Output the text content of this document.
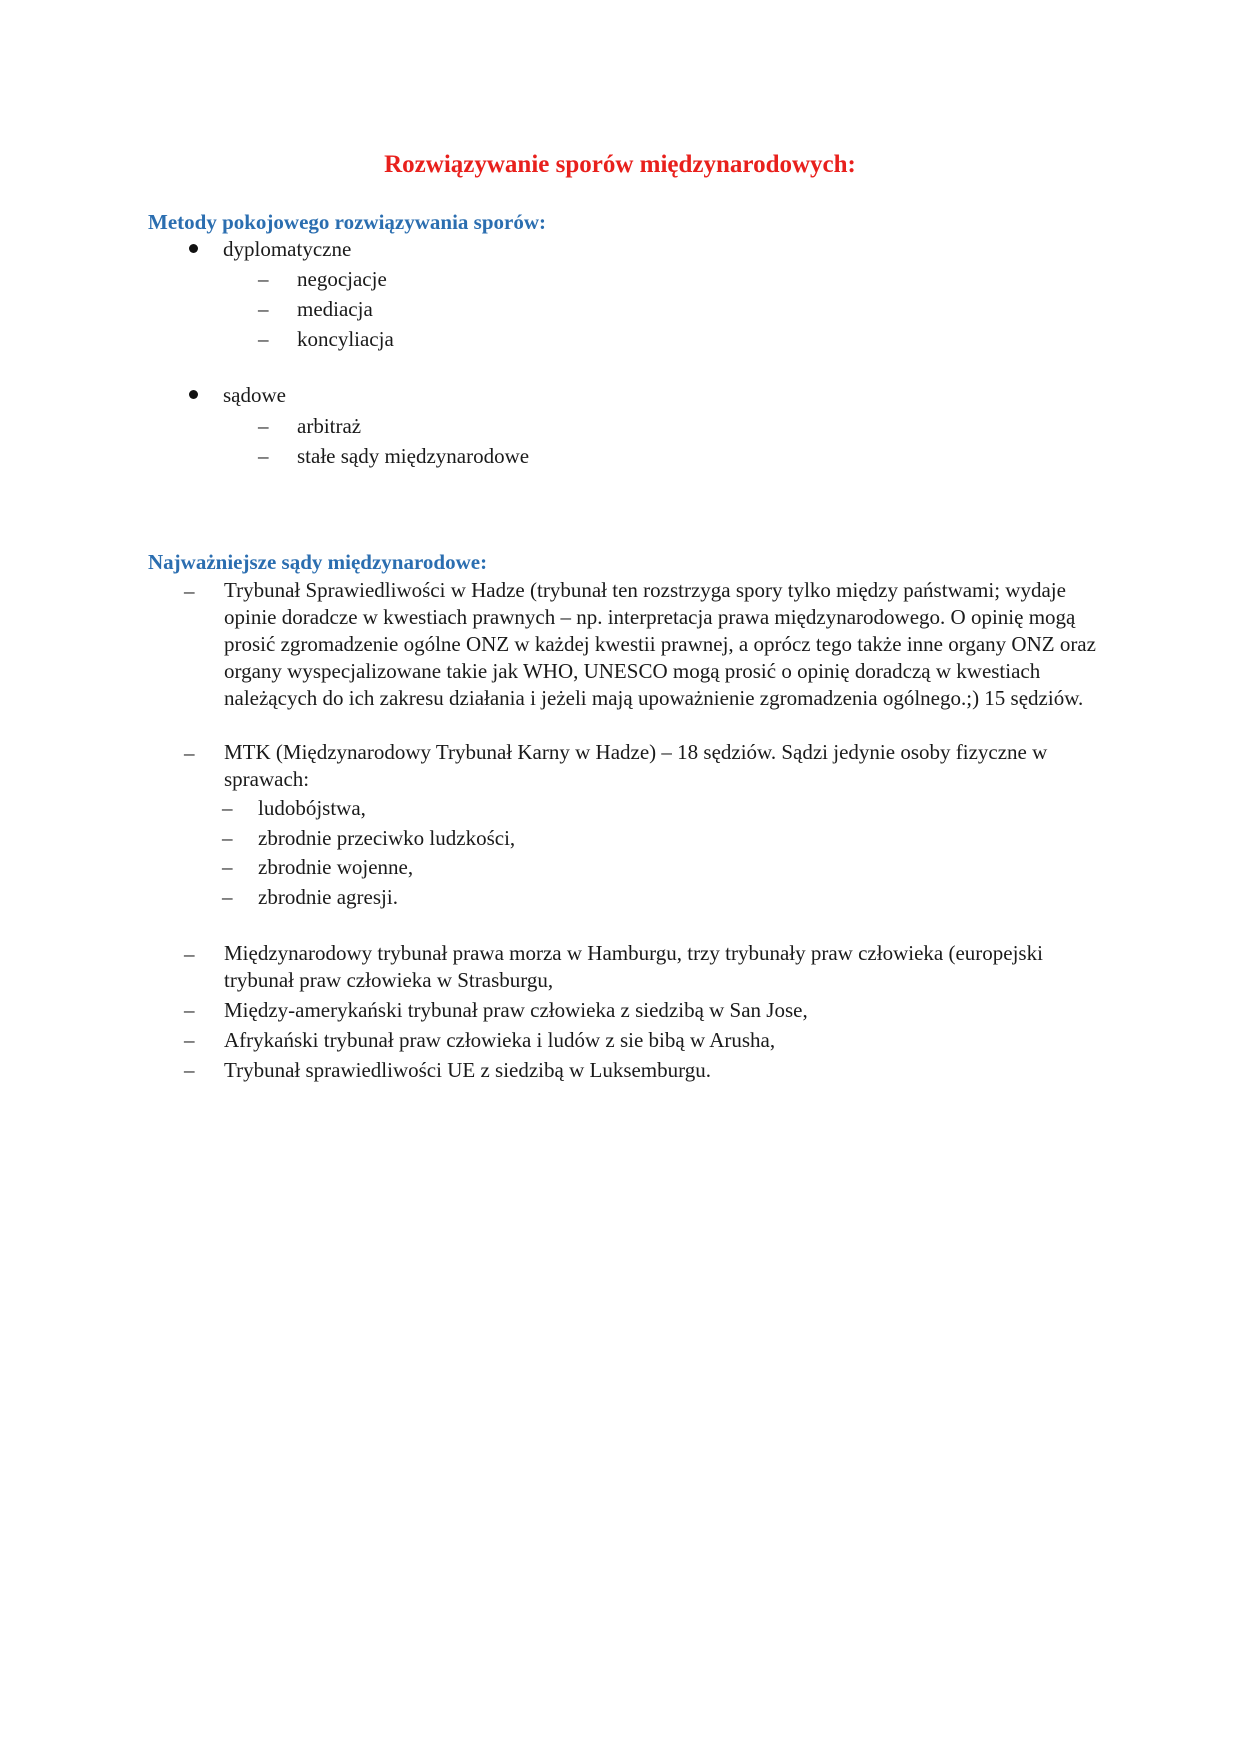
Rozwiązywanie sporów międzynarodowych:
Metody pokojowego rozwiązywania sporów:
dyplomatyczne
– negocjacje
– mediacja
– koncyliacja
sądowe
– arbitraż
– stałe sądy międzynarodowe
Najważniejsze sądy międzynarodowe:
– Trybunał Sprawiedliwości w Hadze (trybunał ten rozstrzyga spory tylko między państwami; wydaje opinie doradcze w kwestiach prawnych – np. interpretacja prawa międzynarodowego. O opinię mogą prosić zgromadzenie ogólne ONZ w każdej kwestii prawnej, a oprócz tego także inne organy ONZ oraz organy wyspecjalizowane takie jak WHO, UNESCO mogą prosić o opinię doradczą w kwestiach należących do ich zakresu działania i jeżeli mają upoważnienie zgromadzenia ogólnego.;) 15 sędziów.

– MTK (Międzynarodowy Trybunał Karny w Hadze) – 18 sędziów. Sądzi jedynie osoby fizyczne w sprawach:

– ludobójstwa,
– zbrodnie przeciwko ludzkości,
– zbrodnie wojenne,
– zbrodnie agresji.
– Międzynarodowy trybunał prawa morza w Hamburgu, trzy trybunały praw człowieka (europejski trybunał praw człowieka w Strasburgu,

– Między-amerykański trybunał praw człowieka z siedzibą w San Jose,
– Afrykański trybunał praw człowieka i ludów z sie bibą w Arusha,
– Trybunał sprawiedliwości UE z siedzibą w Luksemburgu.
